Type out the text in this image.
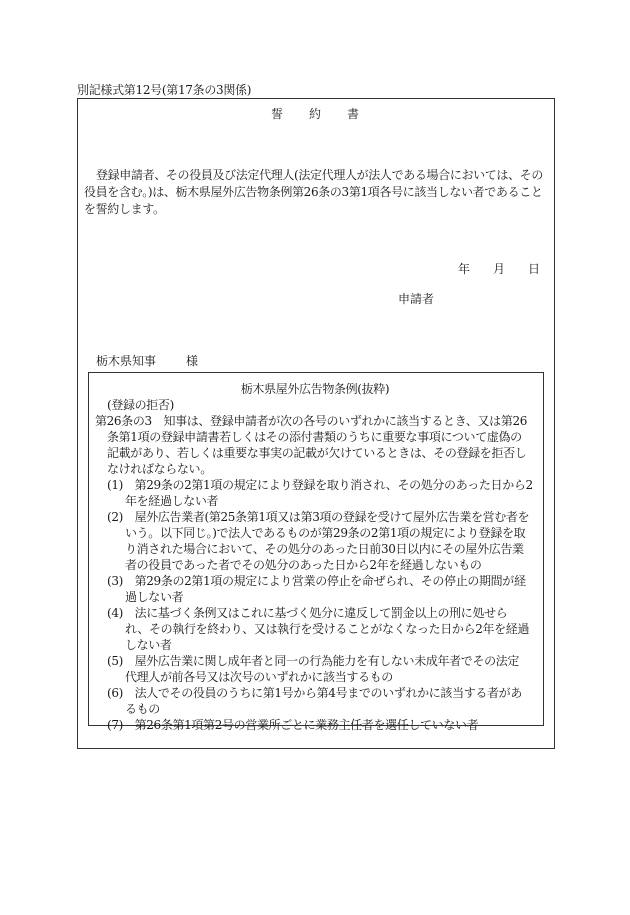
別記様式第12号(第17条の3関係)
誓約書

登録申請者、その役員及び法定代理人(法定代理人が法人である場合においては、その

役員を含む。)は、栃木県屋外広告物条例第26条の3第1項各号に該当しない者であること

を誓約します。

年 月 日
申請者
栃木県知事	様
栃木県屋外広告物条例(抜粋)
(登録の拒否)
第26条の3　知事は、登録申請者が次の各号のいずれかに該当するとき、又は第26
条第1項の登録申請書若しくはその添付書類のうちに重要な事項について虚偽の
記載があり、若しくは重要な事実の記載が欠けているときは、その登録を拒否し
なければならない。
(1)　第29条の2第1項の規定により登録を取り消され、その処分のあった日から2
年を経過しない者
(2)　屋外広告業者(第25条第1項又は第3項の登録を受けて屋外広告業を営む者を
いう。以下同じ。)で法人であるものが第29条の2第1項の規定により登録を取
り消された場合において、その処分のあった日前30日以内にその屋外広告業
者の役員であった者でその処分のあった日から2年を経過しないもの
(3)　第29条の2第1項の規定により営業の停止を命ぜられ、その停止の期間が経
過しない者
(4)　法に基づく条例又はこれに基づく処分に違反して罰金以上の刑に処せら
れ、その執行を終わり、又は執行を受けることがなくなった日から2年を経過
しない者
(5)　屋外広告業に関し成年者と同一の行為能力を有しない未成年者でその法定
代理人が前各号又は次号のいずれかに該当するもの
(6)　法人でその役員のうちに第1号から第4号までのいずれかに該当する者があ
るもの
(7)　第26条第1項第2号の営業所ごとに業務主任者を選任していない者
